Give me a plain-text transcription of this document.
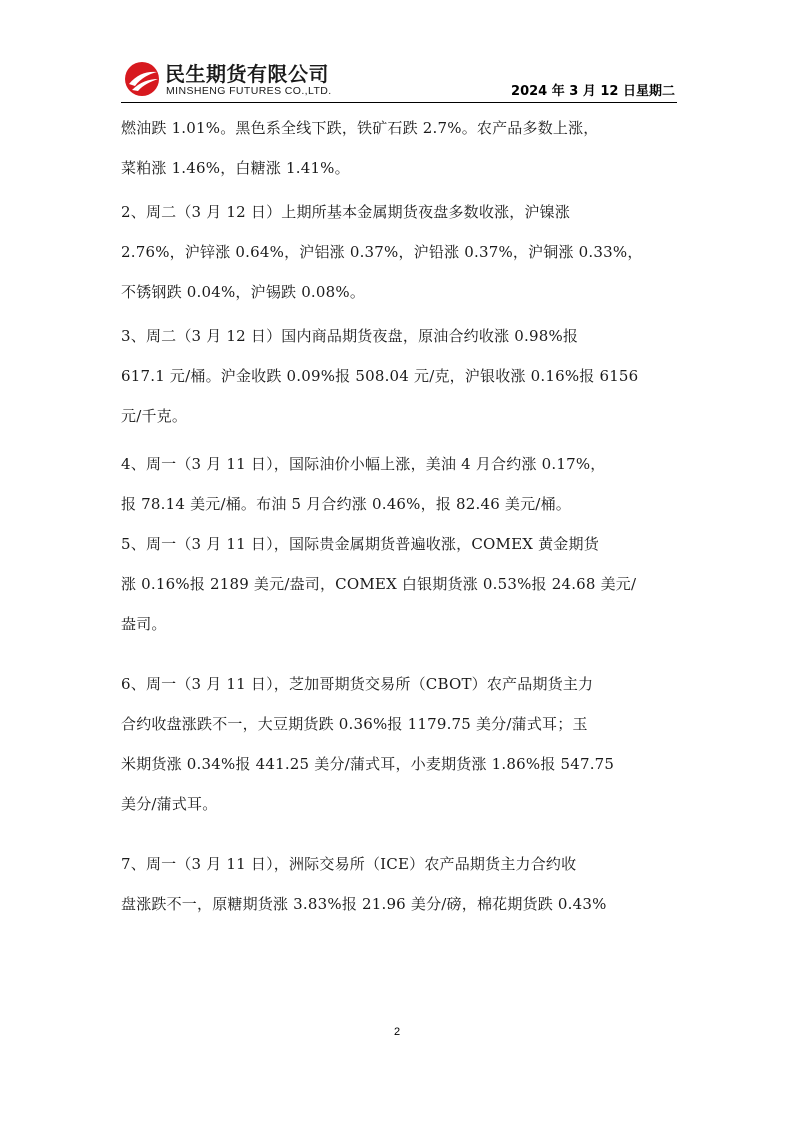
民生期货有限公司
MINSHENG FUTURES CO.,LTD.	2024 年 3 月 12 日星期二

燃油跌 1.01%。黑色系全线下跌，铁矿石跌 2.7%。农产品多数上涨，
菜粕涨 1.46%，白糖涨 1.41%。

2、周二（3 月 12 日）上期所基本金属期货夜盘多数收涨，沪镍涨
2.76%，沪锌涨 0.64%，沪铝涨 0.37%，沪铅涨 0.37%，沪铜涨 0.33%，
不锈钢跌 0.04%，沪锡跌 0.08%。

3、周二（3 月 12 日）国内商品期货夜盘，原油合约收涨 0.98%报
617.1 元/桶。沪金收跌 0.09%报 508.04 元/克，沪银收涨 0.16%报 6156
元/千克。

4、周一（3 月 11 日），国际油价小幅上涨，美油 4 月合约涨 0.17%，
报 78.14 美元/桶。布油 5 月合约涨 0.46%，报 82.46 美元/桶。

5、周一（3 月 11 日），国际贵金属期货普遍收涨，COMEX 黄金期货
涨 0.16%报 2189 美元/盎司，COMEX 白银期货涨 0.53%报 24.68 美元/
盎司。

6、周一（3 月 11 日），芝加哥期货交易所（CBOT）农产品期货主力
合约收盘涨跌不一，大豆期货跌 0.36%报 1179.75 美分/蒲式耳；玉
米期货涨 0.34%报 441.25 美分/蒲式耳，小麦期货涨 1.86%报 547.75
美分/蒲式耳。

7、周一（3 月 11 日），洲际交易所（ICE）农产品期货主力合约收
盘涨跌不一，原糖期货涨 3.83%报 21.96 美分/磅，棉花期货跌 0.43%

2
